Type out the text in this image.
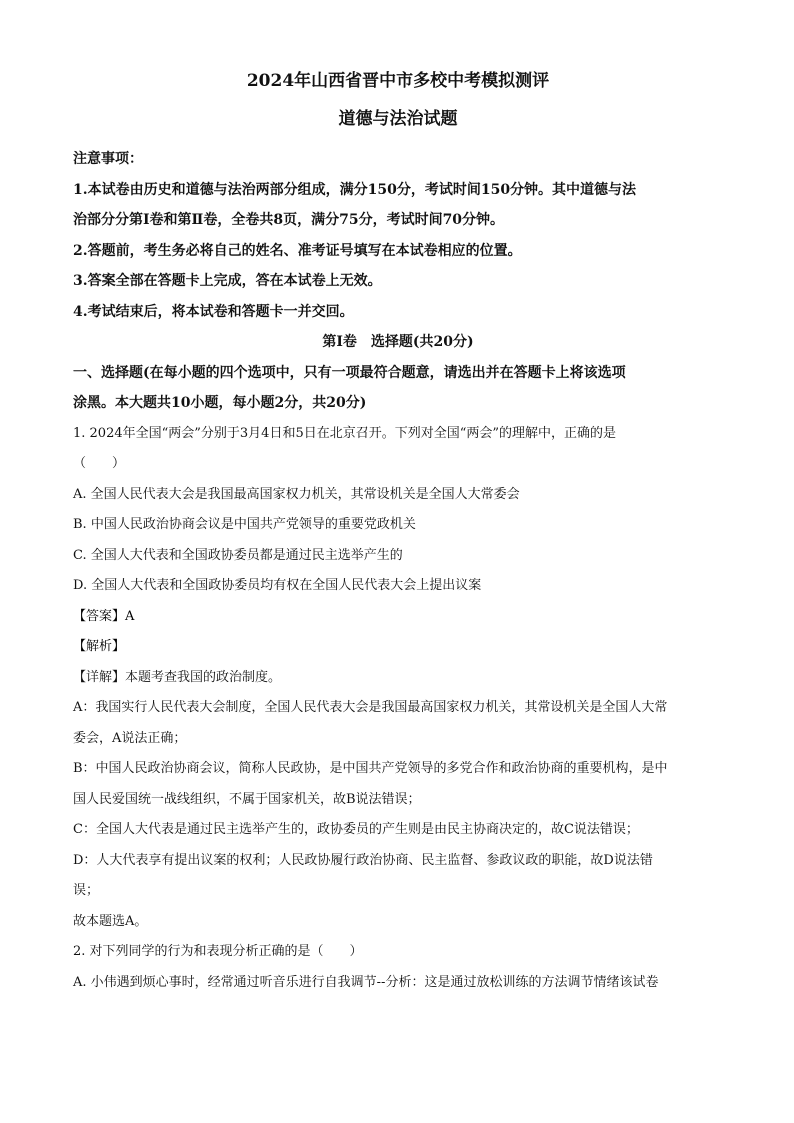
2024年山西省晋中市多校中考模拟测评

道德与法治试题

注意事项：

1.本试卷由历史和道德与法治两部分组成，满分150分，考试时间150分钟。其中道德与法

治部分分第Ⅰ卷和第Ⅱ卷，全卷共8页，满分75分，考试时间70分钟。

2.答题前，考生务必将自己的姓名、准考证号填写在本试卷相应的位置。

3.答案全部在答题卡上完成，答在本试卷上无效。

4.考试结束后，将本试卷和答题卡一并交回。

第Ⅰ卷　选择题(共20分)

一、选择题(在每小题的四个选项中，只有一项最符合题意，请选出并在答题卡上将该选项

涂黑。本大题共10小题，每小题2分，共20分)

1. 2024年全国“两会”分别于3月4日和5日在北京召开。下列对全国“两会”的理解中，正确的是

（　　）

A. 全国人民代表大会是我国最高国家权力机关，其常设机关是全国人大常委会

B. 中国人民政治协商会议是中国共产党领导的重要党政机关

C. 全国人大代表和全国政协委员都是通过民主选举产生的

D. 全国人大代表和全国政协委员均有权在全国人民代表大会上提出议案

【答案】A

【解析】

【详解】本题考查我国的政治制度。

A：我国实行人民代表大会制度，全国人民代表大会是我国最高国家权力机关，其常设机关是全国人大常

委会，A说法正确；

B：中国人民政治协商会议，简称人民政协，是中国共产党领导的多党合作和政治协商的重要机构，是中

国人民爱国统一战线组织，不属于国家机关，故B说法错误；

C：全国人大代表是通过民主选举产生的，政协委员的产生则是由民主协商决定的，故C说法错误；

D：人大代表享有提出议案的权利；人民政协履行政治协商、民主监督、参政议政的职能，故D说法错

误；

故本题选A。

2. 对下列同学的行为和表现分析正确的是（　　）

A. 小伟遇到烦心事时，经常通过听音乐进行自我调节--分析：这是通过放松训练的方法调节情绪该试卷
